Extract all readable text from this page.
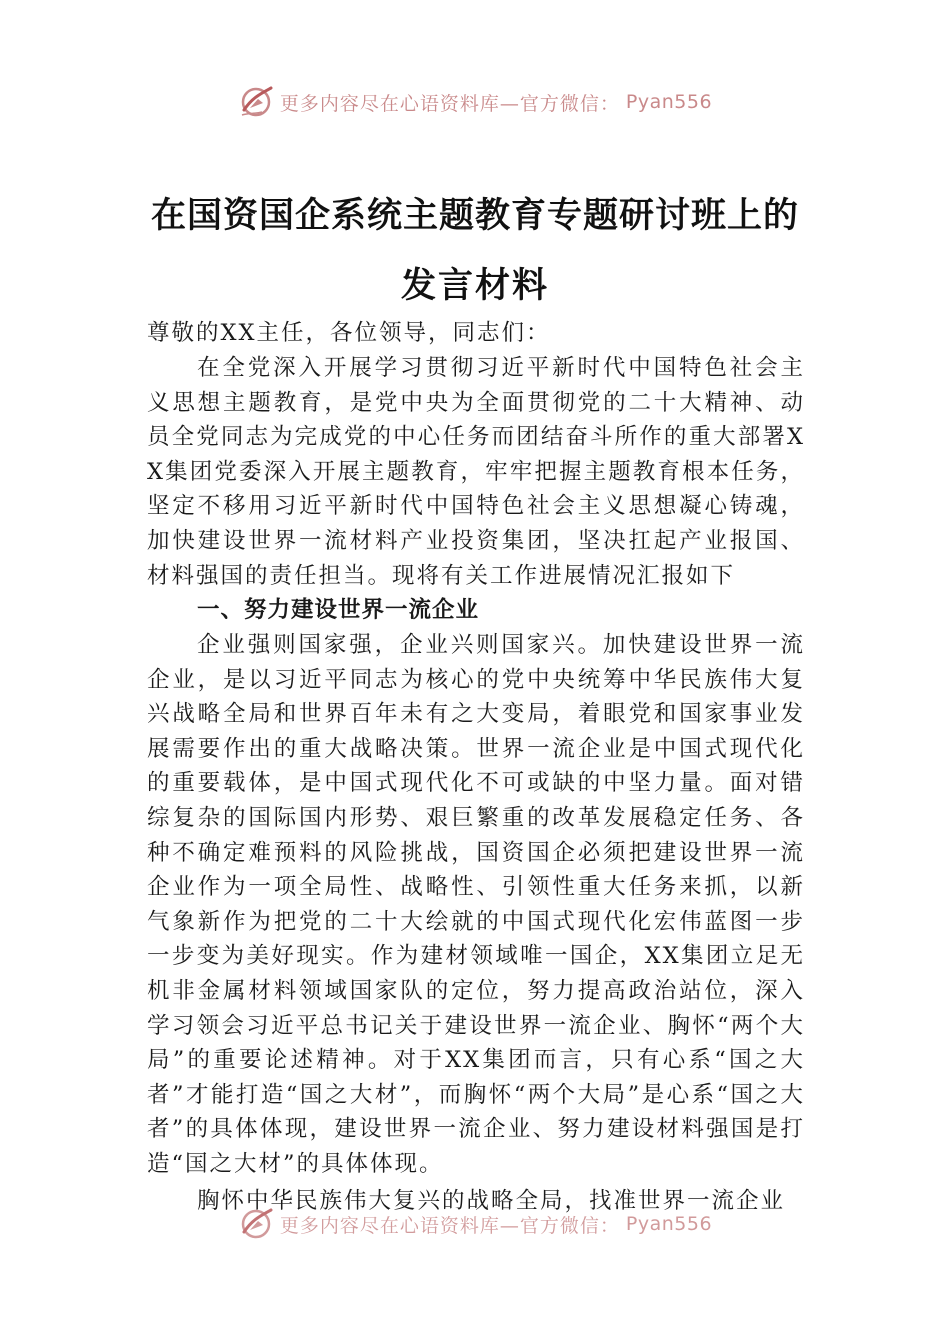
更多内容尽在心语资料库—官方微信： Pyan556
在国资国企系统主题教育专题研讨班上的
发言材料

尊敬的XX主任，各位领导，同志们：

在全党深入开展学习贯彻习近平新时代中国特色社会主义思想主题教育，是党中央为全面贯彻党的二十大精神、动员全党同志为完成党的中心任务而团结奋斗所作的重大部署XX集团党委深入开展主题教育，牢牢把握主题教育根本任务，坚定不移用习近平新时代中国特色社会主义思想凝心铸魂，加快建设世界一流材料产业投资集团，坚决扛起产业报国、材料强国的责任担当。现将有关工作进展情况汇报如下

一、努力建设世界一流企业

企业强则国家强，企业兴则国家兴。加快建设世界一流企业，是以习近平同志为核心的党中央统筹中华民族伟大复兴战略全局和世界百年未有之大变局，着眼党和国家事业发展需要作出的重大战略决策。世界一流企业是中国式现代化的重要载体，是中国式现代化不可或缺的中坚力量。面对错综复杂的国际国内形势、艰巨繁重的改革发展稳定任务、各种不确定难预料的风险挑战，国资国企必须把建设世界一流企业作为一项全局性、战略性、引领性重大任务来抓，以新气象新作为把党的二十大绘就的中国式现代化宏伟蓝图一步一步变为美好现实。作为建材领域唯一国企，XX集团立足无机非金属材料领域国家队的定位，努力提高政治站位，深入学习领会习近平总书记关于建设世界一流企业、胸怀“两个大局”的重要论述精神。对于XX集团而言，只有心系“国之大者”才能打造“国之大材”，而胸怀“两个大局”是心系“国之大者”的具体体现，建设世界一流企业、努力建设材料强国是打造“国之大材”的具体体现。

胸怀中华民族伟大复兴的战略全局，找准世界一流企业

更多内容尽在心语资料库—官方微信： Pyan556
